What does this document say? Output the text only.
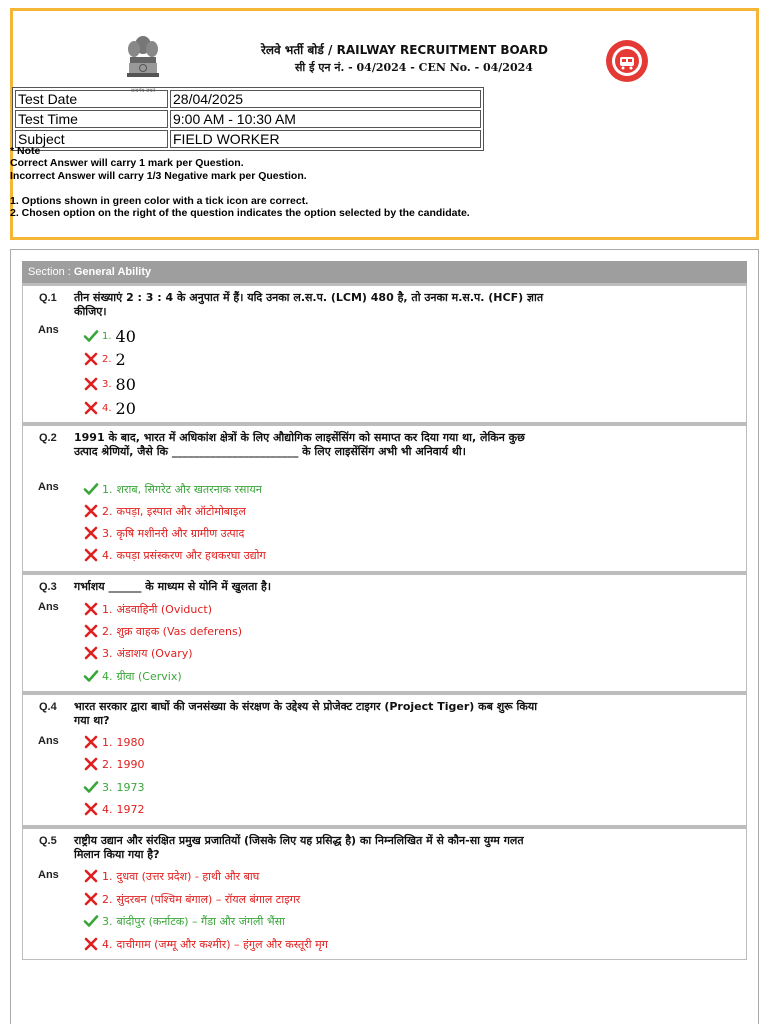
सत्यमेव जयते
रेलवे भर्ती बोर्ड / RAILWAY RECRUITMENT BOARD
सी ई एन नं. - 04/2024 - CEN No. - 04/2024
Test Date	28/04/2025
Test Time	9:00 AM - 10:30 AM
Subject	FIELD WORKER
* Note
Correct Answer will carry 1 mark per Question.
Incorrect Answer will carry 1/3 Negative mark per Question.
1. Options shown in green color with a tick icon are correct.
2. Chosen option on the right of the question indicates the option selected by the candidate.
Section : General Ability
Q.1 तीन संख्याएं 2 : 3 : 4 के अनुपात में हैं। यदि उनका ल.स.प. (LCM) 480 है, तो उनका म.स.प. (HCF) ज्ञात कीजिए।
Ans	1. 40
2. 2
3. 80
4. 20
Q.2 1991 के बाद, भारत में अधिकांश क्षेत्रों के लिए औद्योगिक लाइसेंसिंग को समाप्त कर दिया गया था, लेकिन कुछ उत्पाद श्रेणियों, जैसे कि _______________________ के लिए लाइसेंसिंग अभी भी अनिवार्य थी।
Ans	1. शराब, सिगरेट और खतरनाक रसायन
2. कपड़ा, इस्पात और ऑटोमोबाइल
3. कृषि मशीनरी और ग्रामीण उत्पाद
4. कपड़ा प्रसंस्करण और हथकरघा उद्योग
Q.3 गर्भाशय ______ के माध्यम से योनि में खुलता है।
Ans	1. अंडवाहिनी (Oviduct)
2. शुक्र वाहक (Vas deferens)
3. अंडाशय (Ovary)
4. ग्रीवा (Cervix)
Q.4 भारत सरकार द्वारा बाघों की जनसंख्या के संरक्षण के उद्देश्य से प्रोजेक्ट टाइगर (Project Tiger) कब शुरू किया गया था?
Ans	1. 1980
2. 1990
3. 1973
4. 1972
Q.5 राष्ट्रीय उद्यान और संरक्षित प्रमुख प्रजातियों (जिसके लिए यह प्रसिद्ध है) का निम्नलिखित में से कौन-सा युग्म गलत मिलान किया गया है?
Ans	1. दुधवा (उत्तर प्रदेश) - हाथी और बाघ
2. सुंदरबन (पश्चिम बंगाल) – रॉयल बंगाल टाइगर
3. बांदीपुर (कर्नाटक) – गैंडा और जंगली भैंसा
4. दाचीगाम (जम्मू और कश्मीर) – हंगुल और कस्तूरी मृग
